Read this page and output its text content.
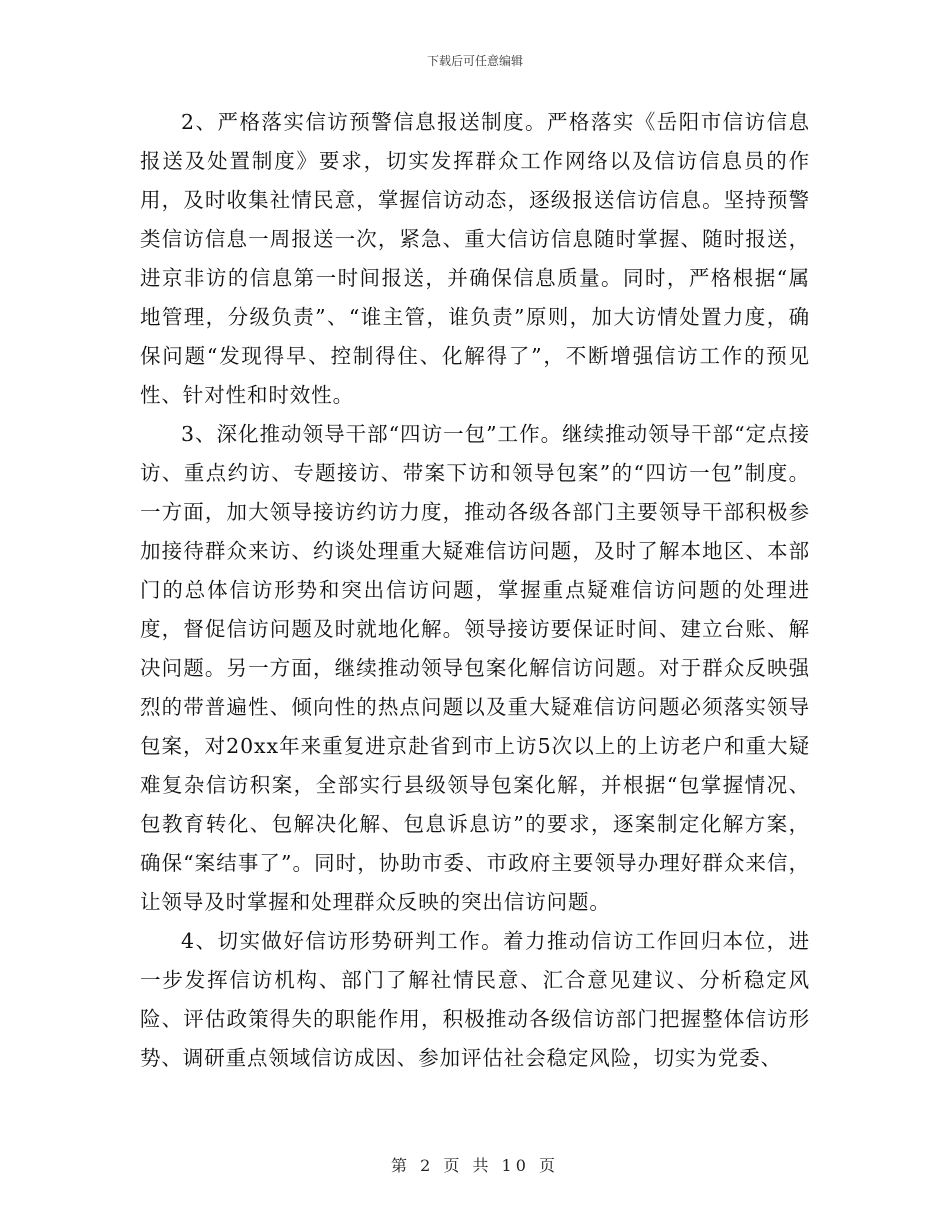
下载后可任意编辑

2、严格落实信访预警信息报送制度。严格落实《岳阳市信访信息报送及处置制度》要求，切实发挥群众工作网络以及信访信息员的作用，及时收集社情民意，掌握信访动态，逐级报送信访信息。坚持预警类信访信息一周报送一次，紧急、重大信访信息随时掌握、随时报送，进京非访的信息第一时间报送，并确保信息质量。同时，严格根据“属地管理，分级负责”、“谁主管，谁负责”原则，加大访情处置力度，确保问题“发现得早、控制得住、化解得了”，不断增强信访工作的预见性、针对性和时效性。

3、深化推动领导干部“四访一包”工作。继续推动领导干部“定点接访、重点约访、专题接访、带案下访和领导包案”的“四访一包”制度。一方面，加大领导接访约访力度，推动各级各部门主要领导干部积极参加接待群众来访、约谈处理重大疑难信访问题，及时了解本地区、本部门的总体信访形势和突出信访问题，掌握重点疑难信访问题的处理进度，督促信访问题及时就地化解。领导接访要保证时间、建立台账、解决问题。另一方面，继续推动领导包案化解信访问题。对于群众反映强烈的带普遍性、倾向性的热点问题以及重大疑难信访问题必须落实领导包案，对20xx年来重复进京赴省到市上访5次以上的上访老户和重大疑难复杂信访积案，全部实行县级领导包案化解，并根据“包掌握情况、包教育转化、包解决化解、包息诉息访”的要求，逐案制定化解方案，确保“案结事了”。同时，协助市委、市政府主要领导办理好群众来信，让领导及时掌握和处理群众反映的突出信访问题。

4、切实做好信访形势研判工作。着力推动信访工作回归本位，进一步发挥信访机构、部门了解社情民意、汇合意见建议、分析稳定风险、评估政策得失的职能作用，积极推动各级信访部门把握整体信访形势、调研重点领域信访成因、参加评估社会稳定风险，切实为党委、

第 2 页 共 10 页
